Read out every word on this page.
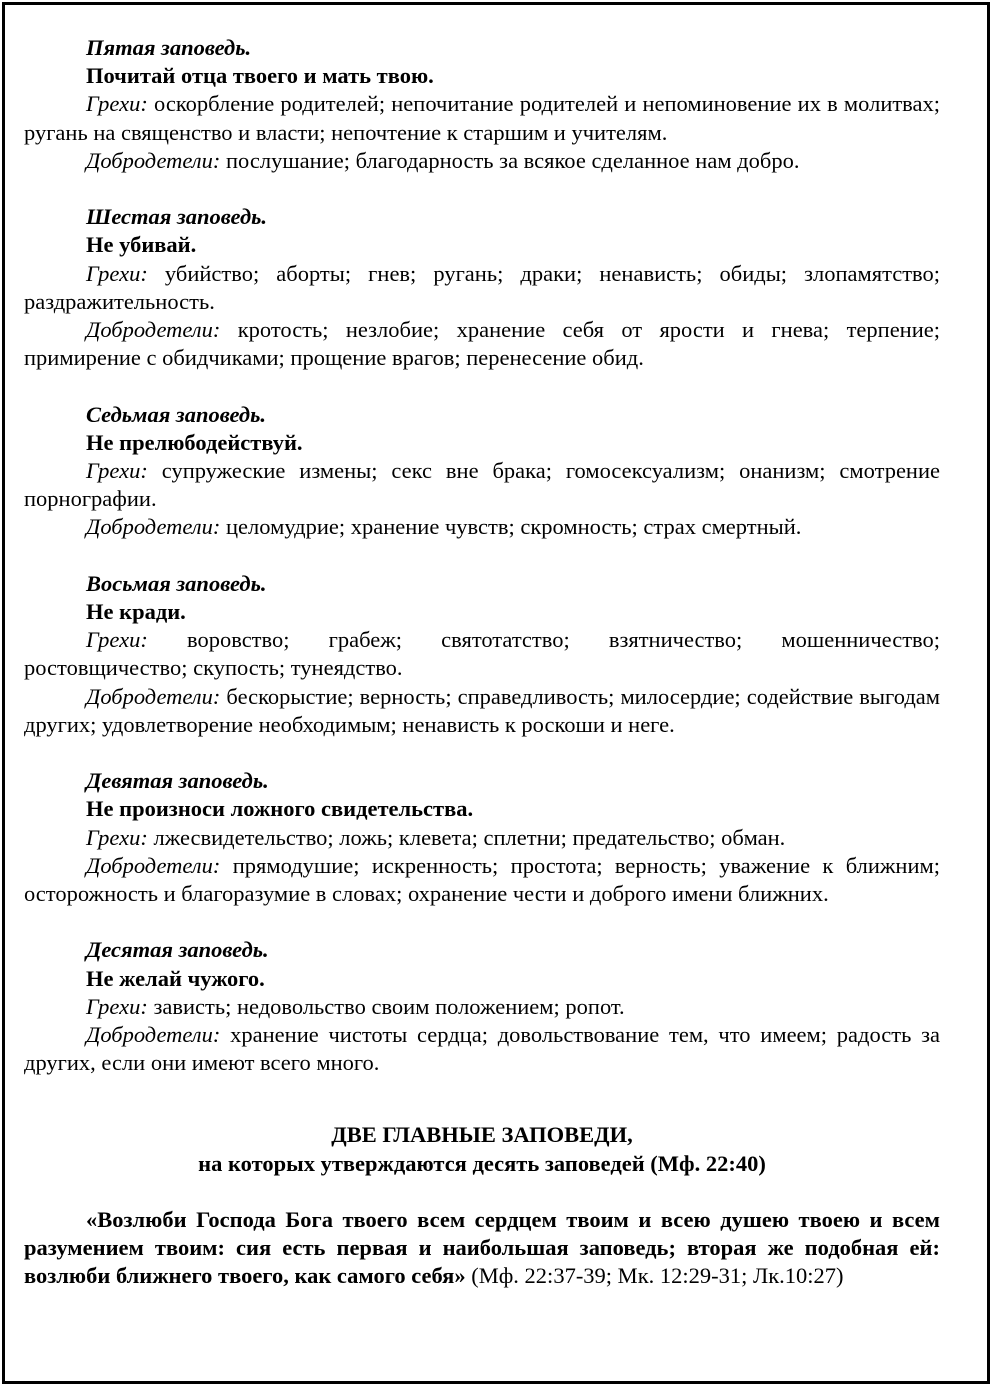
Пятая заповедь.

Почитай отца твоего и мать твою.

Грехи: оскорбление родителей; непочитание родителей и непоминовение их в молитвах; ругань на священство и власти; непочтение к старшим и учителям.

Добродетели: послушание; благодарность за всякое сделанное нам добро.

Шестая заповедь.

Не убивай.

Грехи: убийство; аборты; гнев; ругань; драки; ненависть; обиды; злопамятство; раздражительность.

Добродетели: кротость; незлобие; хранение себя от ярости и гнева; терпение; примирение с обидчиками; прощение врагов; перенесение обид.

Седьмая заповедь.

Не прелюбодействуй.

Грехи: супружеские измены; секс вне брака; гомосексуализм; онанизм; смотрение порнографии.

Добродетели: целомудрие; хранение чувств; скромность; страх смертный.

Восьмая заповедь.

Не кради.

Грехи: воровство; грабеж; святотатство; взятничество; мошенничество; ростовщичество; скупость; тунеядство.

Добродетели: бескорыстие; верность; справедливость; милосердие; содействие выгодам других; удовлетворение необходимым; ненависть к роскоши и неге.

Девятая заповедь.

Не произноси ложного свидетельства.

Грехи: лжесвидетельство; ложь; клевета; сплетни; предательство; обман.

Добродетели: прямодушие; искренность; простота; верность; уважение к ближним; осторожность и благоразумие в словах; охранение чести и доброго имени ближних.

Десятая заповедь.

Не желай чужого.

Грехи: зависть; недовольство своим положением; ропот.

Добродетели: хранение чистоты сердца; довольствование тем, что имеем; радость за других, если они имеют всего много.

ДВЕ ГЛАВНЫЕ ЗАПОВЕДИ,

на которых утверждаются десять заповедей (Мф. 22:40)

«Возлюби Господа Бога твоего всем сердцем твоим и всею душею твоею и всем разумением твоим: сия есть первая и наибольшая заповедь; вторая же подобная ей: возлюби ближнего твоего, как самого себя» (Мф. 22:37-39; Мк. 12:29-31; Лк.10:27)
